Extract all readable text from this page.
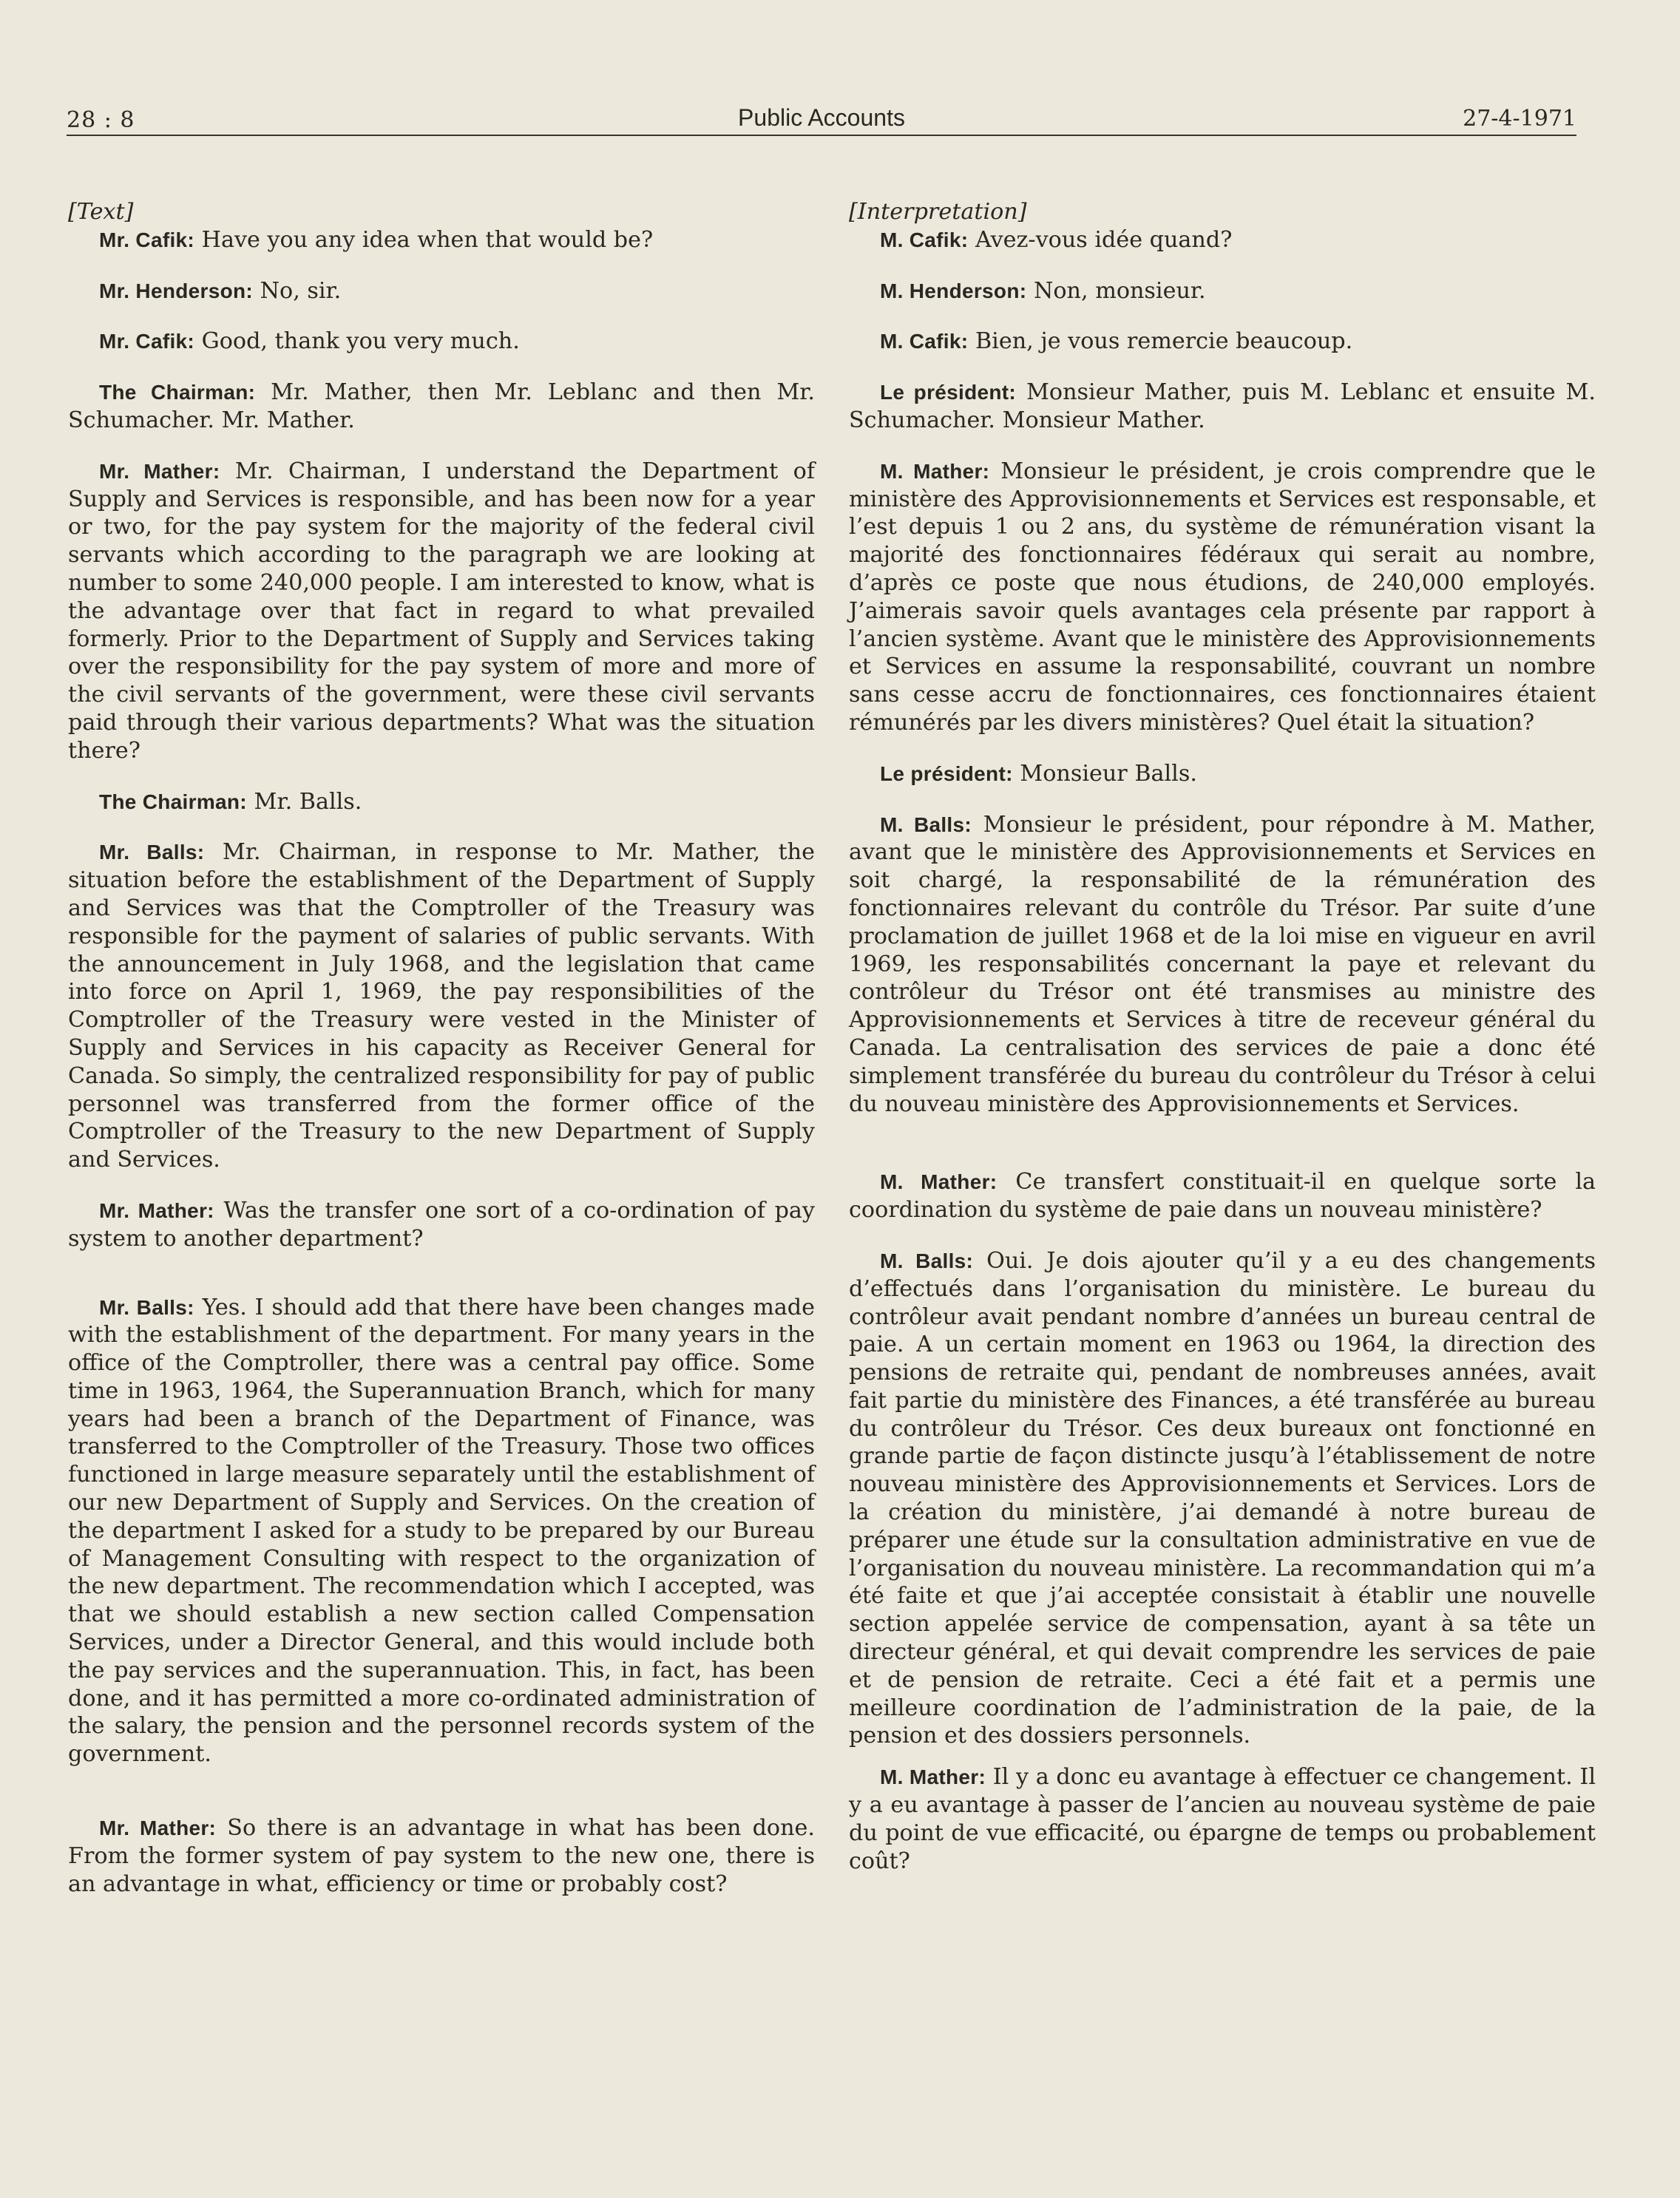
28 : 8	Public Accounts	27-4-1971

[Text]

Mr. Cafik: Have you any idea when that would be?

Mr. Henderson: No, sir.

Mr. Cafik: Good, thank you very much.

The Chairman: Mr. Mather, then Mr. Leblanc and then Mr. Schumacher. Mr. Mather.

Mr. Mather: Mr. Chairman, I understand the Department of Supply and Services is responsible, and has been now for a year or two, for the pay system for the majority of the federal civil servants which according to the paragraph we are looking at number to some 240,000 people. I am interested to know, what is the advantage over that fact in regard to what prevailed formerly. Prior to the Department of Supply and Services taking over the responsibility for the pay system of more and more of the civil servants of the government, were these civil servants paid through their various departments? What was the situation there?

The Chairman: Mr. Balls.

Mr. Balls: Mr. Chairman, in response to Mr. Mather, the situation before the establishment of the Department of Supply and Services was that the Comptroller of the Treasury was responsible for the payment of salaries of public servants. With the announcement in July 1968, and the legislation that came into force on April 1, 1969, the pay responsibilities of the Comptroller of the Treasury were vested in the Minister of Supply and Services in his capacity as Receiver General for Canada. So simply, the centralized responsibility for pay of public personnel was transferred from the former office of the Comptroller of the Treasury to the new Department of Supply and Services.

Mr. Mather: Was the transfer one sort of a co-ordination of pay system to another department?

Mr. Balls: Yes. I should add that there have been changes made with the establishment of the department. For many years in the office of the Comptroller, there was a central pay office. Some time in 1963, 1964, the Superannuation Branch, which for many years had been a branch of the Department of Finance, was transferred to the Comptroller of the Treasury. Those two offices functioned in large measure separately until the establishment of our new Department of Supply and Services. On the creation of the department I asked for a study to be prepared by our Bureau of Management Consulting with respect to the organization of the new department. The recommendation which I accepted, was that we should establish a new section called Compensation Services, under a Director General, and this would include both the pay services and the superannuation. This, in fact, has been done, and it has permitted a more co-ordinated administration of the salary, the pension and the personnel records system of the government.

Mr. Mather: So there is an advantage in what has been done. From the former system of pay system to the new one, there is an advantage in what, efficiency or time or probably cost?

[Interpretation]

M. Cafik: Avez-vous idée quand?

M. Henderson: Non, monsieur.

M. Cafik: Bien, je vous remercie beaucoup.

Le président: Monsieur Mather, puis M. Leblanc et ensuite M. Schumacher. Monsieur Mather.

M. Mather: Monsieur le président, je crois comprendre que le ministère des Approvisionnements et Services est responsable, et l’est depuis 1 ou 2 ans, du système de rémunération visant la majorité des fonctionnaires fédéraux qui serait au nombre, d’après ce poste que nous étudions, de 240,000 employés. J’aimerais savoir quels avantages cela présente par rapport à l’ancien système. Avant que le ministère des Approvisionnements et Services en assume la responsabilité, couvrant un nombre sans cesse accru de fonctionnaires, ces fonctionnaires étaient rémunérés par les divers ministères? Quel était la situation?

Le président: Monsieur Balls.

M. Balls: Monsieur le président, pour répondre à M. Mather, avant que le ministère des Approvisionnements et Services en soit chargé, la responsabilité de la rémunération des fonctionnaires relevant du contrôle du Trésor. Par suite d’une proclamation de juillet 1968 et de la loi mise en vigueur en avril 1969, les responsabilités concernant la paye et relevant du contrôleur du Trésor ont été transmises au ministre des Approvisionnements et Services à titre de receveur général du Canada. La centralisation des services de paie a donc été simplement transférée du bureau du contrôleur du Trésor à celui du nouveau ministère des Approvisionnements et Services.

M. Mather: Ce transfert constituait-il en quelque sorte la coordination du système de paie dans un nouveau ministère?

M. Balls: Oui. Je dois ajouter qu’il y a eu des changements d’effectués dans l’organisation du ministère. Le bureau du contrôleur avait pendant nombre d’années un bureau central de paie. A un certain moment en 1963 ou 1964, la direction des pensions de retraite qui, pendant de nombreuses années, avait fait partie du ministère des Finances, a été transférée au bureau du contrôleur du Trésor. Ces deux bureaux ont fonctionné en grande partie de façon distincte jusqu’à l’établissement de notre nouveau ministère des Approvisionnements et Services. Lors de la création du ministère, j’ai demandé à notre bureau de préparer une étude sur la consultation administrative en vue de l’organisation du nouveau ministère. La recommandation qui m’a été faite et que j’ai acceptée consistait à établir une nouvelle section appelée service de compensation, ayant à sa tête un directeur général, et qui devait comprendre les services de paie et de pension de retraite. Ceci a été fait et a permis une meilleure coordination de l’administration de la paie, de la pension et des dossiers personnels.

M. Mather: Il y a donc eu avantage à effectuer ce changement. Il y a eu avantage à passer de l’ancien au nouveau système de paie du point de vue efficacité, ou épargne de temps ou probablement coût?
